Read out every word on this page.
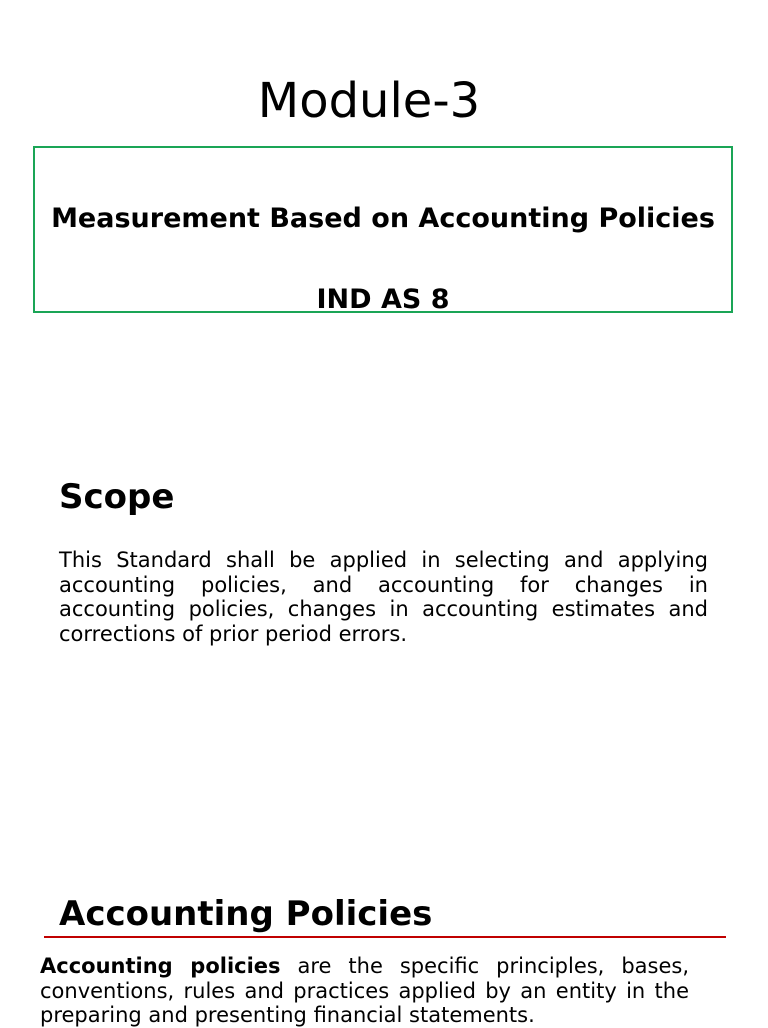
Module-3

Measurement Based on Accounting Policies

IND AS 8

Scope

This Standard shall be applied in selecting and applying accounting policies, and accounting for changes in accounting policies, changes in accounting estimates and corrections of prior period errors.

Accounting Policies

Accounting policies are the specific principles, bases, conventions, rules and practices applied by an entity in the preparing and presenting financial statements.
